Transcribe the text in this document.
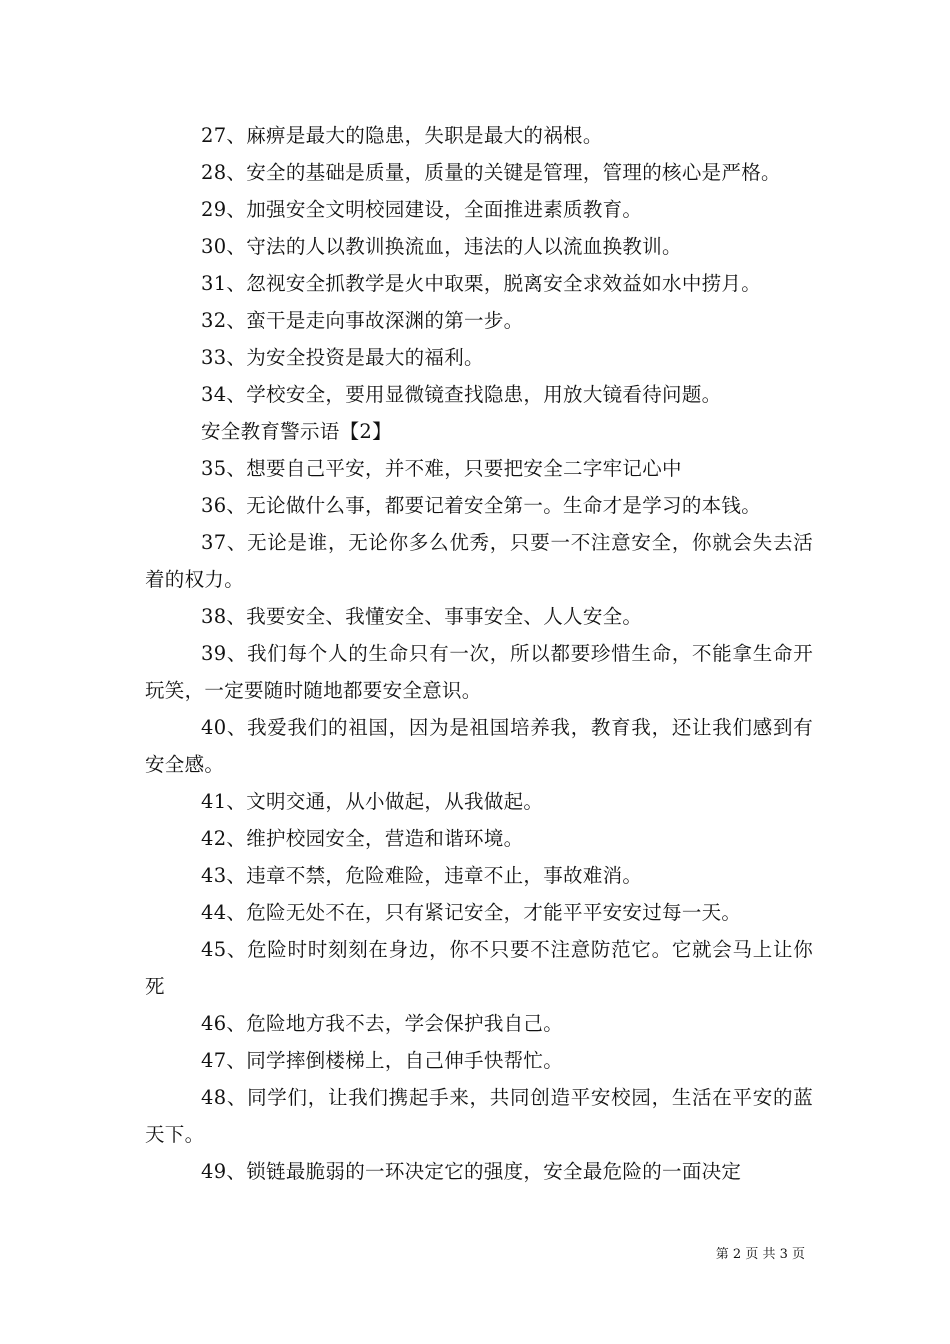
27、麻痹是最大的隐患，失职是最大的祸根。

28、安全的基础是质量，质量的关键是管理，管理的核心是严格。

29、加强安全文明校园建设，全面推进素质教育。

30、守法的人以教训换流血，违法的人以流血换教训。

31、忽视安全抓教学是火中取栗，脱离安全求效益如水中捞月。

32、蛮干是走向事故深渊的第一步。

33、为安全投资是最大的福利。

34、学校安全，要用显微镜查找隐患，用放大镜看待问题。

安全教育警示语【2】

35、想要自己平安，并不难，只要把安全二字牢记心中

36、无论做什么事，都要记着安全第一。生命才是学习的本钱。

37、无论是谁，无论你多么优秀，只要一不注意安全，你就会失去活着的权力。

38、我要安全、我懂安全、事事安全、人人安全。

39、我们每个人的生命只有一次，所以都要珍惜生命，不能拿生命开玩笑，一定要随时随地都要安全意识。

40、我爱我们的祖国，因为是祖国培养我，教育我，还让我们感到有安全感。

41、文明交通，从小做起，从我做起。

42、维护校园安全，营造和谐环境。

43、违章不禁，危险难险，违章不止，事故难消。

44、危险无处不在，只有紧记安全，才能平平安安过每一天。

45、危险时时刻刻在身边，你不只要不注意防范它。它就会马上让你死

46、危险地方我不去，学会保护我自己。

47、同学摔倒楼梯上，自己伸手快帮忙。

48、同学们，让我们携起手来，共同创造平安校园，生活在平安的蓝天下。

49、锁链最脆弱的一环决定它的强度，安全最危险的一面决定

第 2 页 共 3 页
